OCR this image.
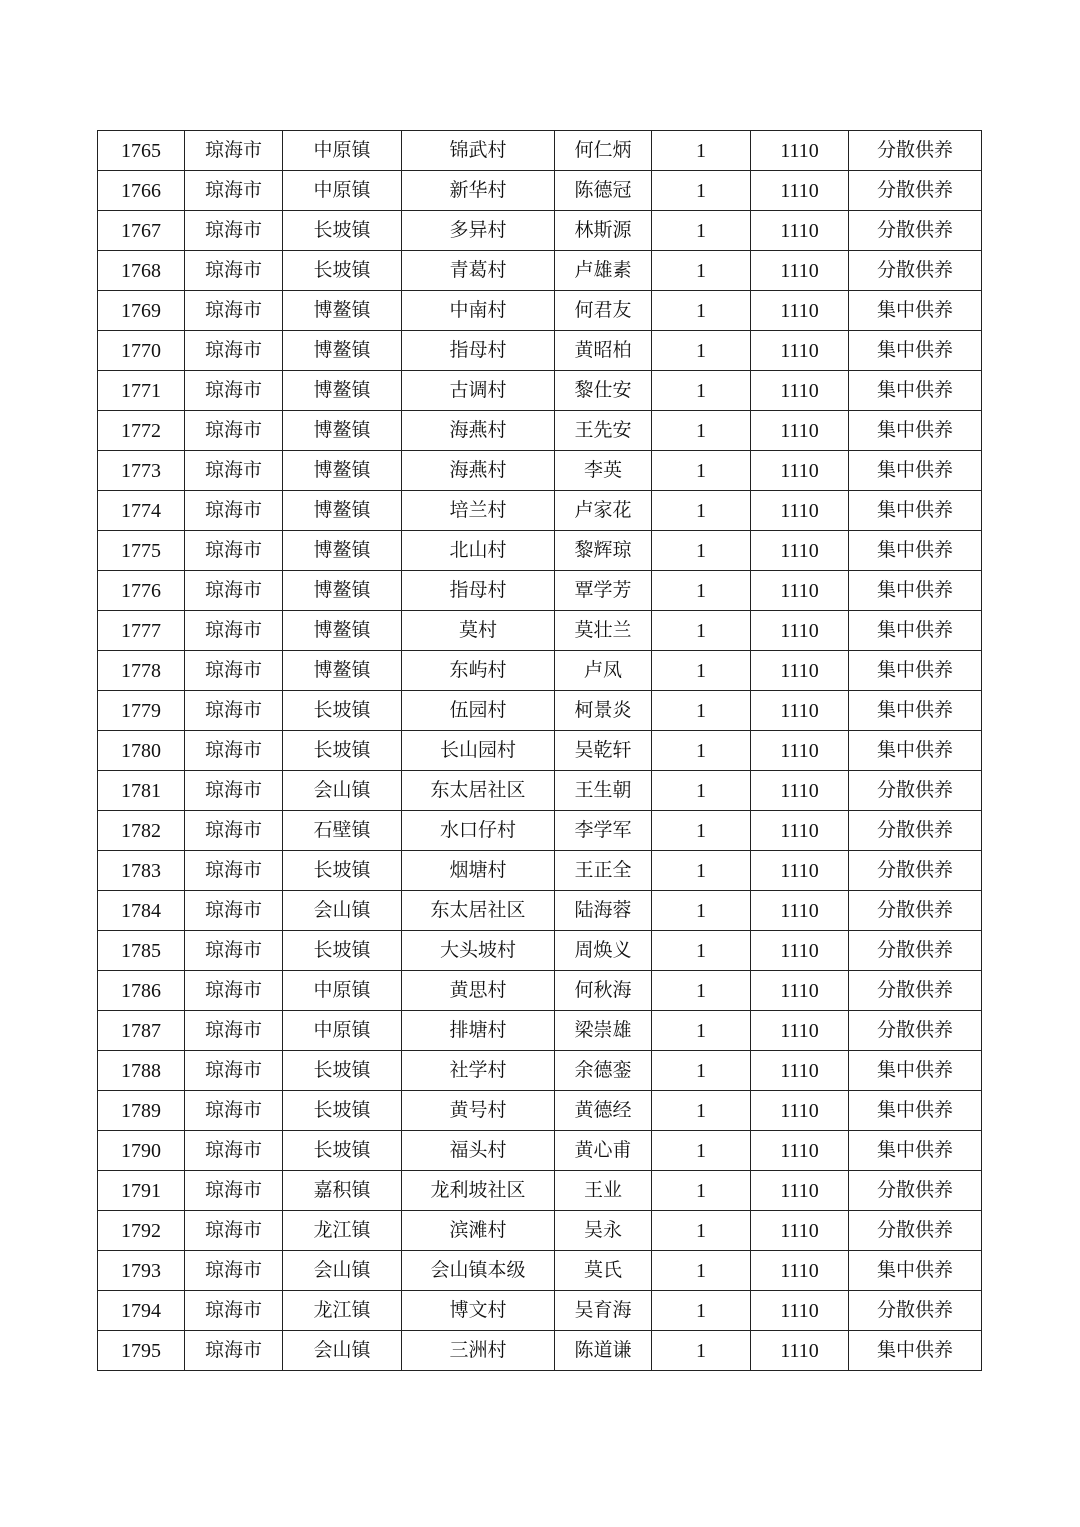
1765	琼海市	中原镇	锦武村	何仁炳	1	1110	分散供养
1766	琼海市	中原镇	新华村	陈德冠	1	1110	分散供养
1767	琼海市	长坡镇	多异村	林斯源	1	1110	分散供养
1768	琼海市	长坡镇	青葛村	卢雄素	1	1110	分散供养
1769	琼海市	博鳌镇	中南村	何君友	1	1110	集中供养
1770	琼海市	博鳌镇	指母村	黄昭柏	1	1110	集中供养
1771	琼海市	博鳌镇	古调村	黎仕安	1	1110	集中供养
1772	琼海市	博鳌镇	海燕村	王先安	1	1110	集中供养
1773	琼海市	博鳌镇	海燕村	李英	1	1110	集中供养
1774	琼海市	博鳌镇	培兰村	卢家花	1	1110	集中供养
1775	琼海市	博鳌镇	北山村	黎辉琼	1	1110	集中供养
1776	琼海市	博鳌镇	指母村	覃学芳	1	1110	集中供养
1777	琼海市	博鳌镇	莫村	莫壮兰	1	1110	集中供养
1778	琼海市	博鳌镇	东屿村	卢凤	1	1110	集中供养
1779	琼海市	长坡镇	伍园村	柯景炎	1	1110	集中供养
1780	琼海市	长坡镇	长山园村	吴乾轩	1	1110	集中供养
1781	琼海市	会山镇	东太居社区	王生朝	1	1110	分散供养
1782	琼海市	石壁镇	水口仔村	李学军	1	1110	分散供养
1783	琼海市	长坡镇	烟塘村	王正全	1	1110	分散供养
1784	琼海市	会山镇	东太居社区	陆海蓉	1	1110	分散供养
1785	琼海市	长坡镇	大头坡村	周焕义	1	1110	分散供养
1786	琼海市	中原镇	黄思村	何秋海	1	1110	分散供养
1787	琼海市	中原镇	排塘村	梁崇雄	1	1110	分散供养
1788	琼海市	长坡镇	社学村	余德銮	1	1110	集中供养
1789	琼海市	长坡镇	黄号村	黄德经	1	1110	集中供养
1790	琼海市	长坡镇	福头村	黄心甫	1	1110	集中供养
1791	琼海市	嘉积镇	龙利坡社区	王业	1	1110	分散供养
1792	琼海市	龙江镇	滨滩村	吴永	1	1110	分散供养
1793	琼海市	会山镇	会山镇本级	莫氏	1	1110	集中供养
1794	琼海市	龙江镇	博文村	吴育海	1	1110	分散供养
1795	琼海市	会山镇	三洲村	陈道谦	1	1110	集中供养
